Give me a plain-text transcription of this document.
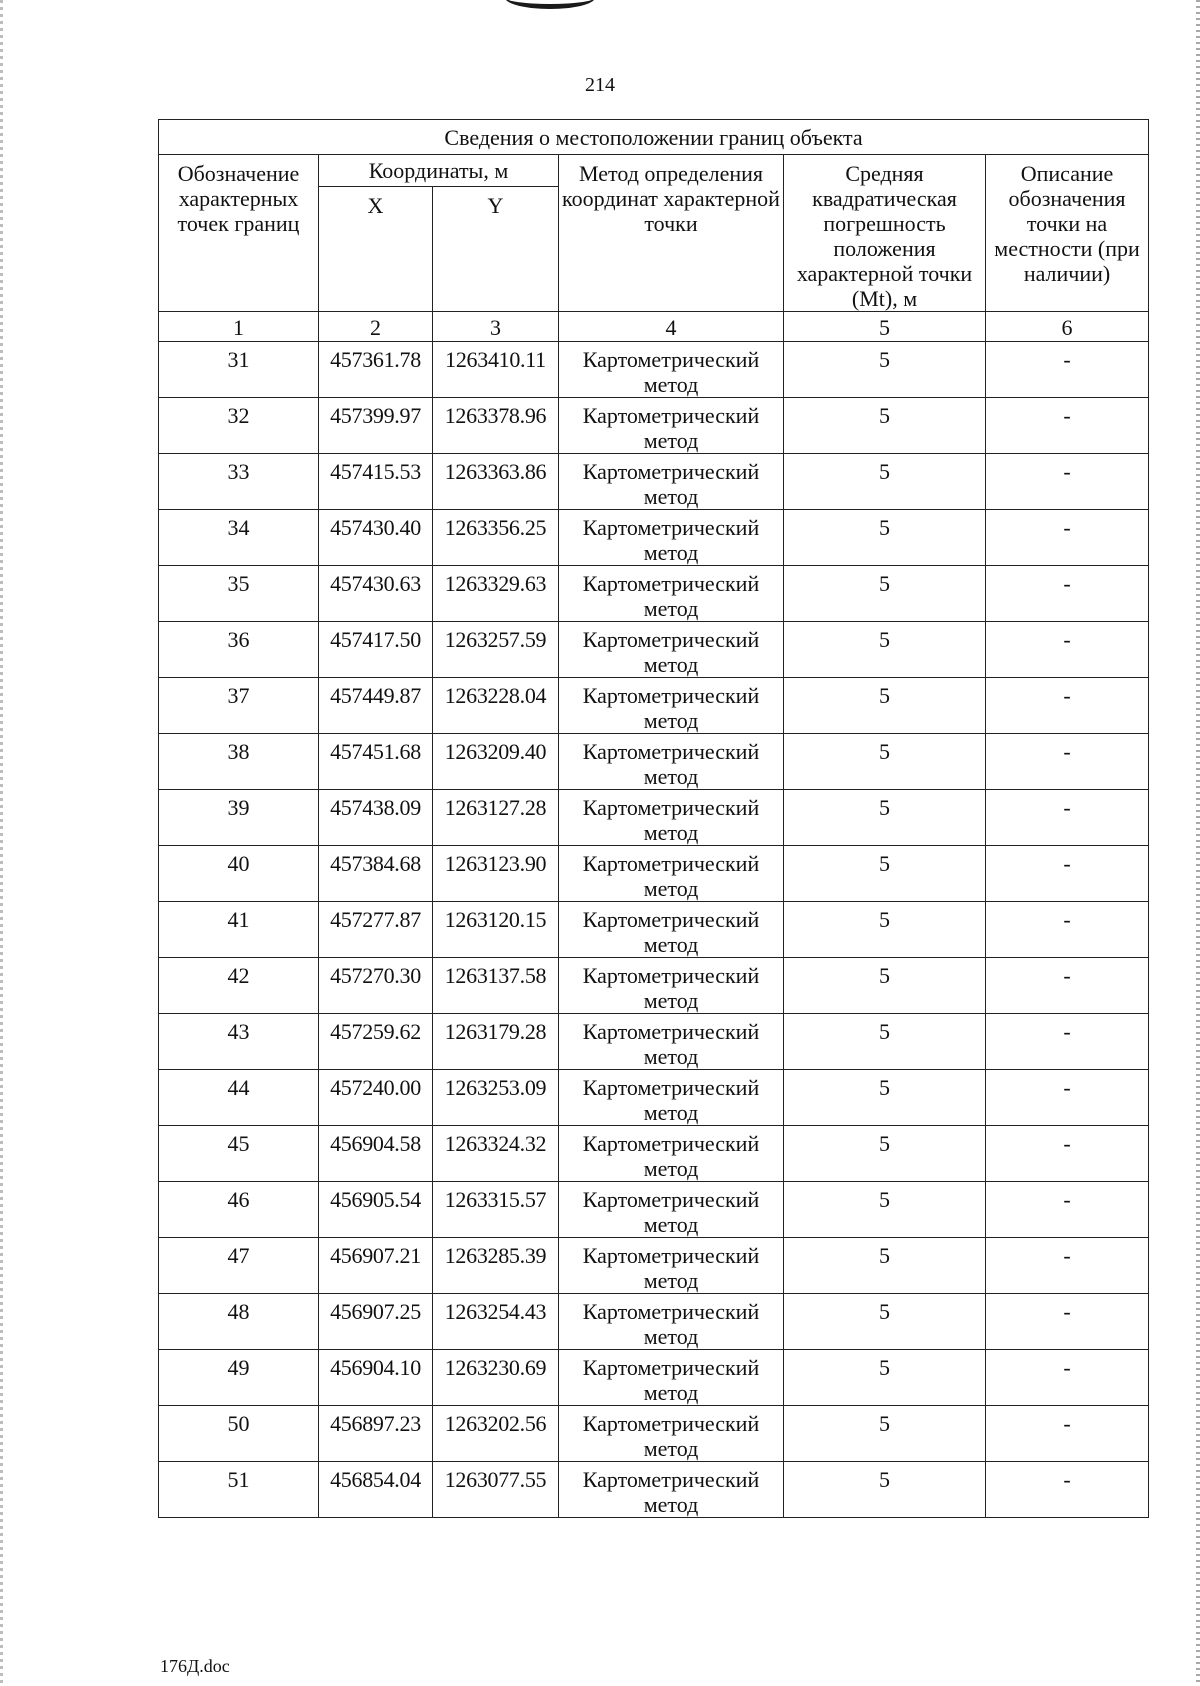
214
Сведения о местоположении границ объекта					
Обозначение характерных точек границ	Координаты, м		Метод определения координат характерной точки	Средняя квадратическая погрешность положения характерной точки (Mt), м	Описание обозначения точки на местности (при наличии)
	X	Y			
1	2	3	4	5	6
31	457361.78	1263410.11	Картометрический метод	5	-
32	457399.97	1263378.96	Картометрический метод	5	-
33	457415.53	1263363.86	Картометрический метод	5	-
34	457430.40	1263356.25	Картометрический метод	5	-
35	457430.63	1263329.63	Картометрический метод	5	-
36	457417.50	1263257.59	Картометрический метод	5	-
37	457449.87	1263228.04	Картометрический метод	5	-
38	457451.68	1263209.40	Картометрический метод	5	-
39	457438.09	1263127.28	Картометрический метод	5	-
40	457384.68	1263123.90	Картометрический метод	5	-
41	457277.87	1263120.15	Картометрический метод	5	-
42	457270.30	1263137.58	Картометрический метод	5	-
43	457259.62	1263179.28	Картометрический метод	5	-
44	457240.00	1263253.09	Картометрический метод	5	-
45	456904.58	1263324.32	Картометрический метод	5	-
46	456905.54	1263315.57	Картометрический метод	5	-
47	456907.21	1263285.39	Картометрический метод	5	-
48	456907.25	1263254.43	Картометрический метод	5	-
49	456904.10	1263230.69	Картометрический метод	5	-
50	456897.23	1263202.56	Картометрический метод	5	-
51	456854.04	1263077.55	Картометрический метод	5	-
176Д.doc
